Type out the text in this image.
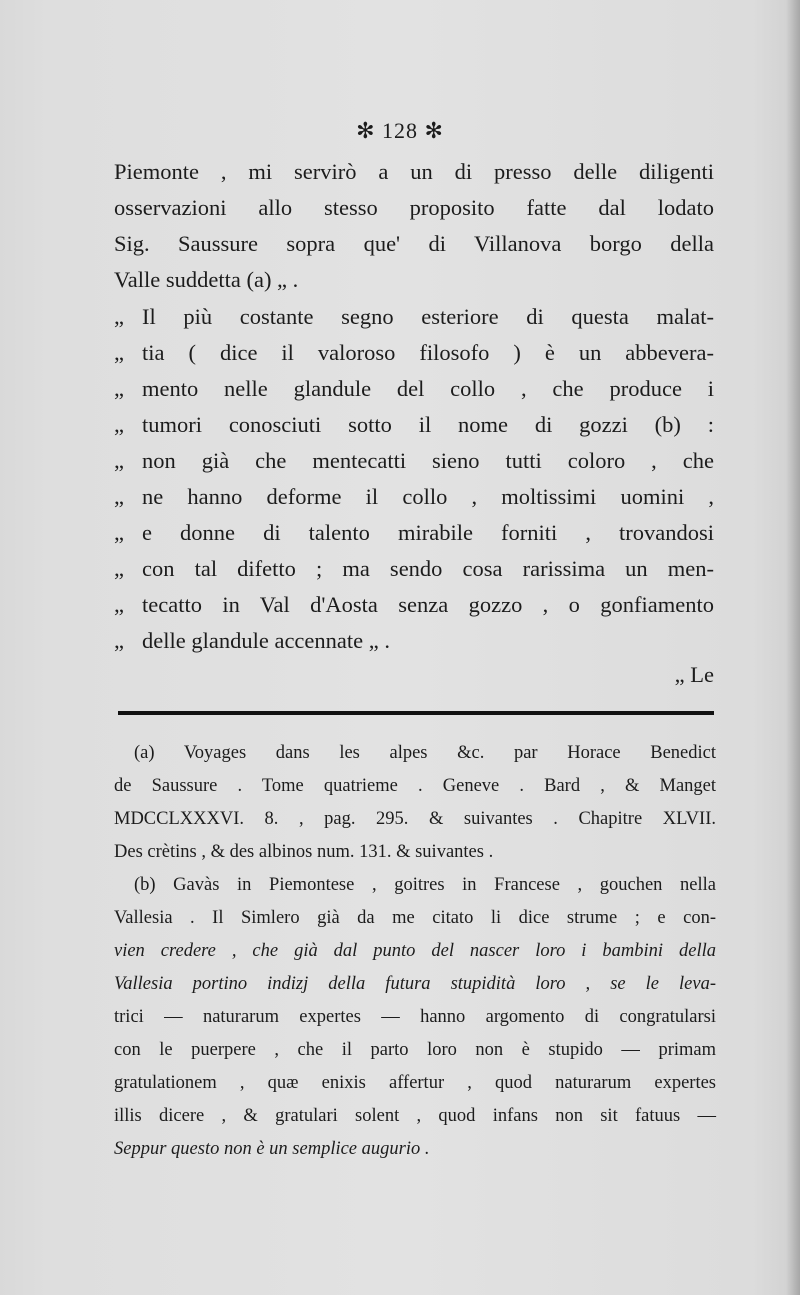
✻ 128 ✻
Piemonte , mi servirò a un di presso delle diligenti
osservazioni allo stesso proposito fatte dal lodato
Sig. Saussure sopra que' di Villanova borgo della
Valle suddetta (a) „ .
„ Il più costante segno esteriore di questa malat-
„ tia ( dice il valoroso filosofo ) è un abbevera-
„ mento nelle glandule del collo , che produce i
„ tumori conosciuti sotto il nome di gozzi (b) :
„ non già che mentecatti sieno tutti coloro , che
„ ne hanno deforme il collo , moltissimi uomini ,
„ e donne di talento mirabile forniti , trovandosi
„ con tal difetto ; ma sendo cosa rarissima un men-
„ tecatto in Val d'Aosta senza gozzo , o gonfiamento
„ delle glandule accennate „ .
„ Le
(a) Voyages dans les alpes &c. par Horace Benedict
de Saussure . Tome quatrieme . Geneve . Bard , & Manget
MDCCLXXXVI. 8. , pag. 295. & suivantes . Chapitre XLVII.
Des crètins , & des albinos num. 131. & suivantes .
(b) Gavàs in Piemontese , goitres in Francese , gouchen nella
Vallesia . Il Simlero già da me citato li dice strume ; e con-
vien credere , che già dal punto del nascer loro i bambini della
Vallesia portino indizj della futura stupidità loro , se le leva-
trici — naturarum expertes — hanno argomento di congratularsi
con le puerpere , che il parto loro non è stupido — primam
gratulationem , quæ enixis affertur , quod naturarum expertes
illis dicere , & gratulari solent , quod infans non sit fatuus —
Seppur questo non è un semplice augurio .
